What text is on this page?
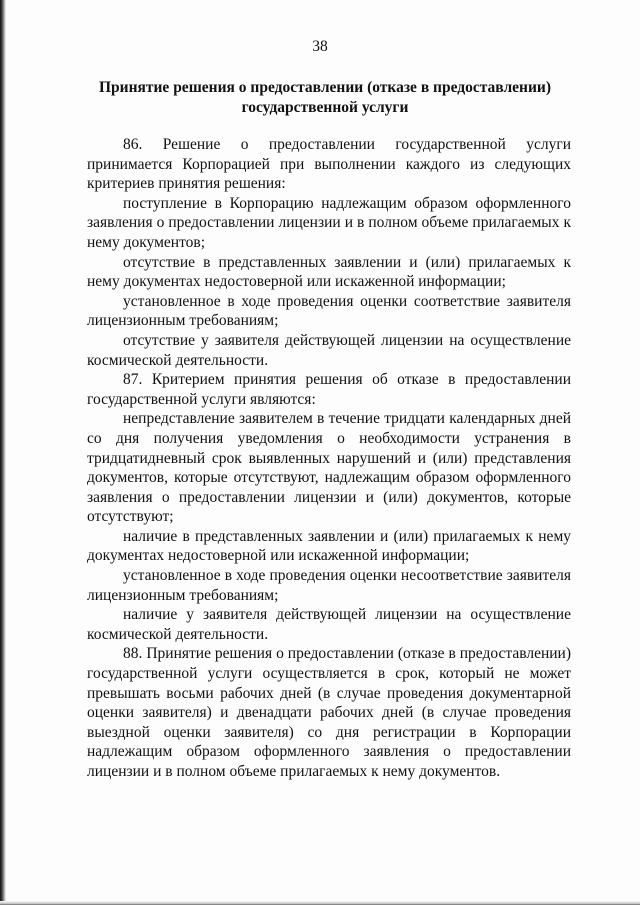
38
Принятие решения о предоставлении (отказе в предоставлении)
государственной услуги

86. Решение о предоставлении государственной услуги принимается Корпорацией при выполнении каждого из следующих критериев принятия решения:

поступление в Корпорацию надлежащим образом оформленного заявления о предоставлении лицензии и в полном объеме прилагаемых к нему документов;

отсутствие в представленных заявлении и (или) прилагаемых к нему документах недостоверной или искаженной информации;

установленное в ходе проведения оценки соответствие заявителя лицензионным требованиям;

отсутствие у заявителя действующей лицензии на осуществление космической деятельности.

87. Критерием принятия решения об отказе в предоставлении государственной услуги являются:

непредставление заявителем в течение тридцати календарных дней со дня получения уведомления о необходимости устранения в тридцатидневный срок выявленных нарушений и (или) представления документов, которые отсутствуют, надлежащим образом оформленного заявления о предоставлении лицензии и (или) документов, которые отсутствуют;

наличие в представленных заявлении и (или) прилагаемых к нему документах недостоверной или искаженной информации;

установленное в ходе проведения оценки несоответствие заявителя лицензионным требованиям;

наличие у заявителя действующей лицензии на осуществление космической деятельности.

88. Принятие решения о предоставлении (отказе в предоставлении) государственной услуги осуществляется в срок, который не может превышать восьми рабочих дней (в случае проведения документарной оценки заявителя) и двенадцати рабочих дней (в случае проведения выездной оценки заявителя) со дня регистрации в Корпорации надлежащим образом оформленного заявления о предоставлении лицензии и в полном объеме прилагаемых к нему документов.
